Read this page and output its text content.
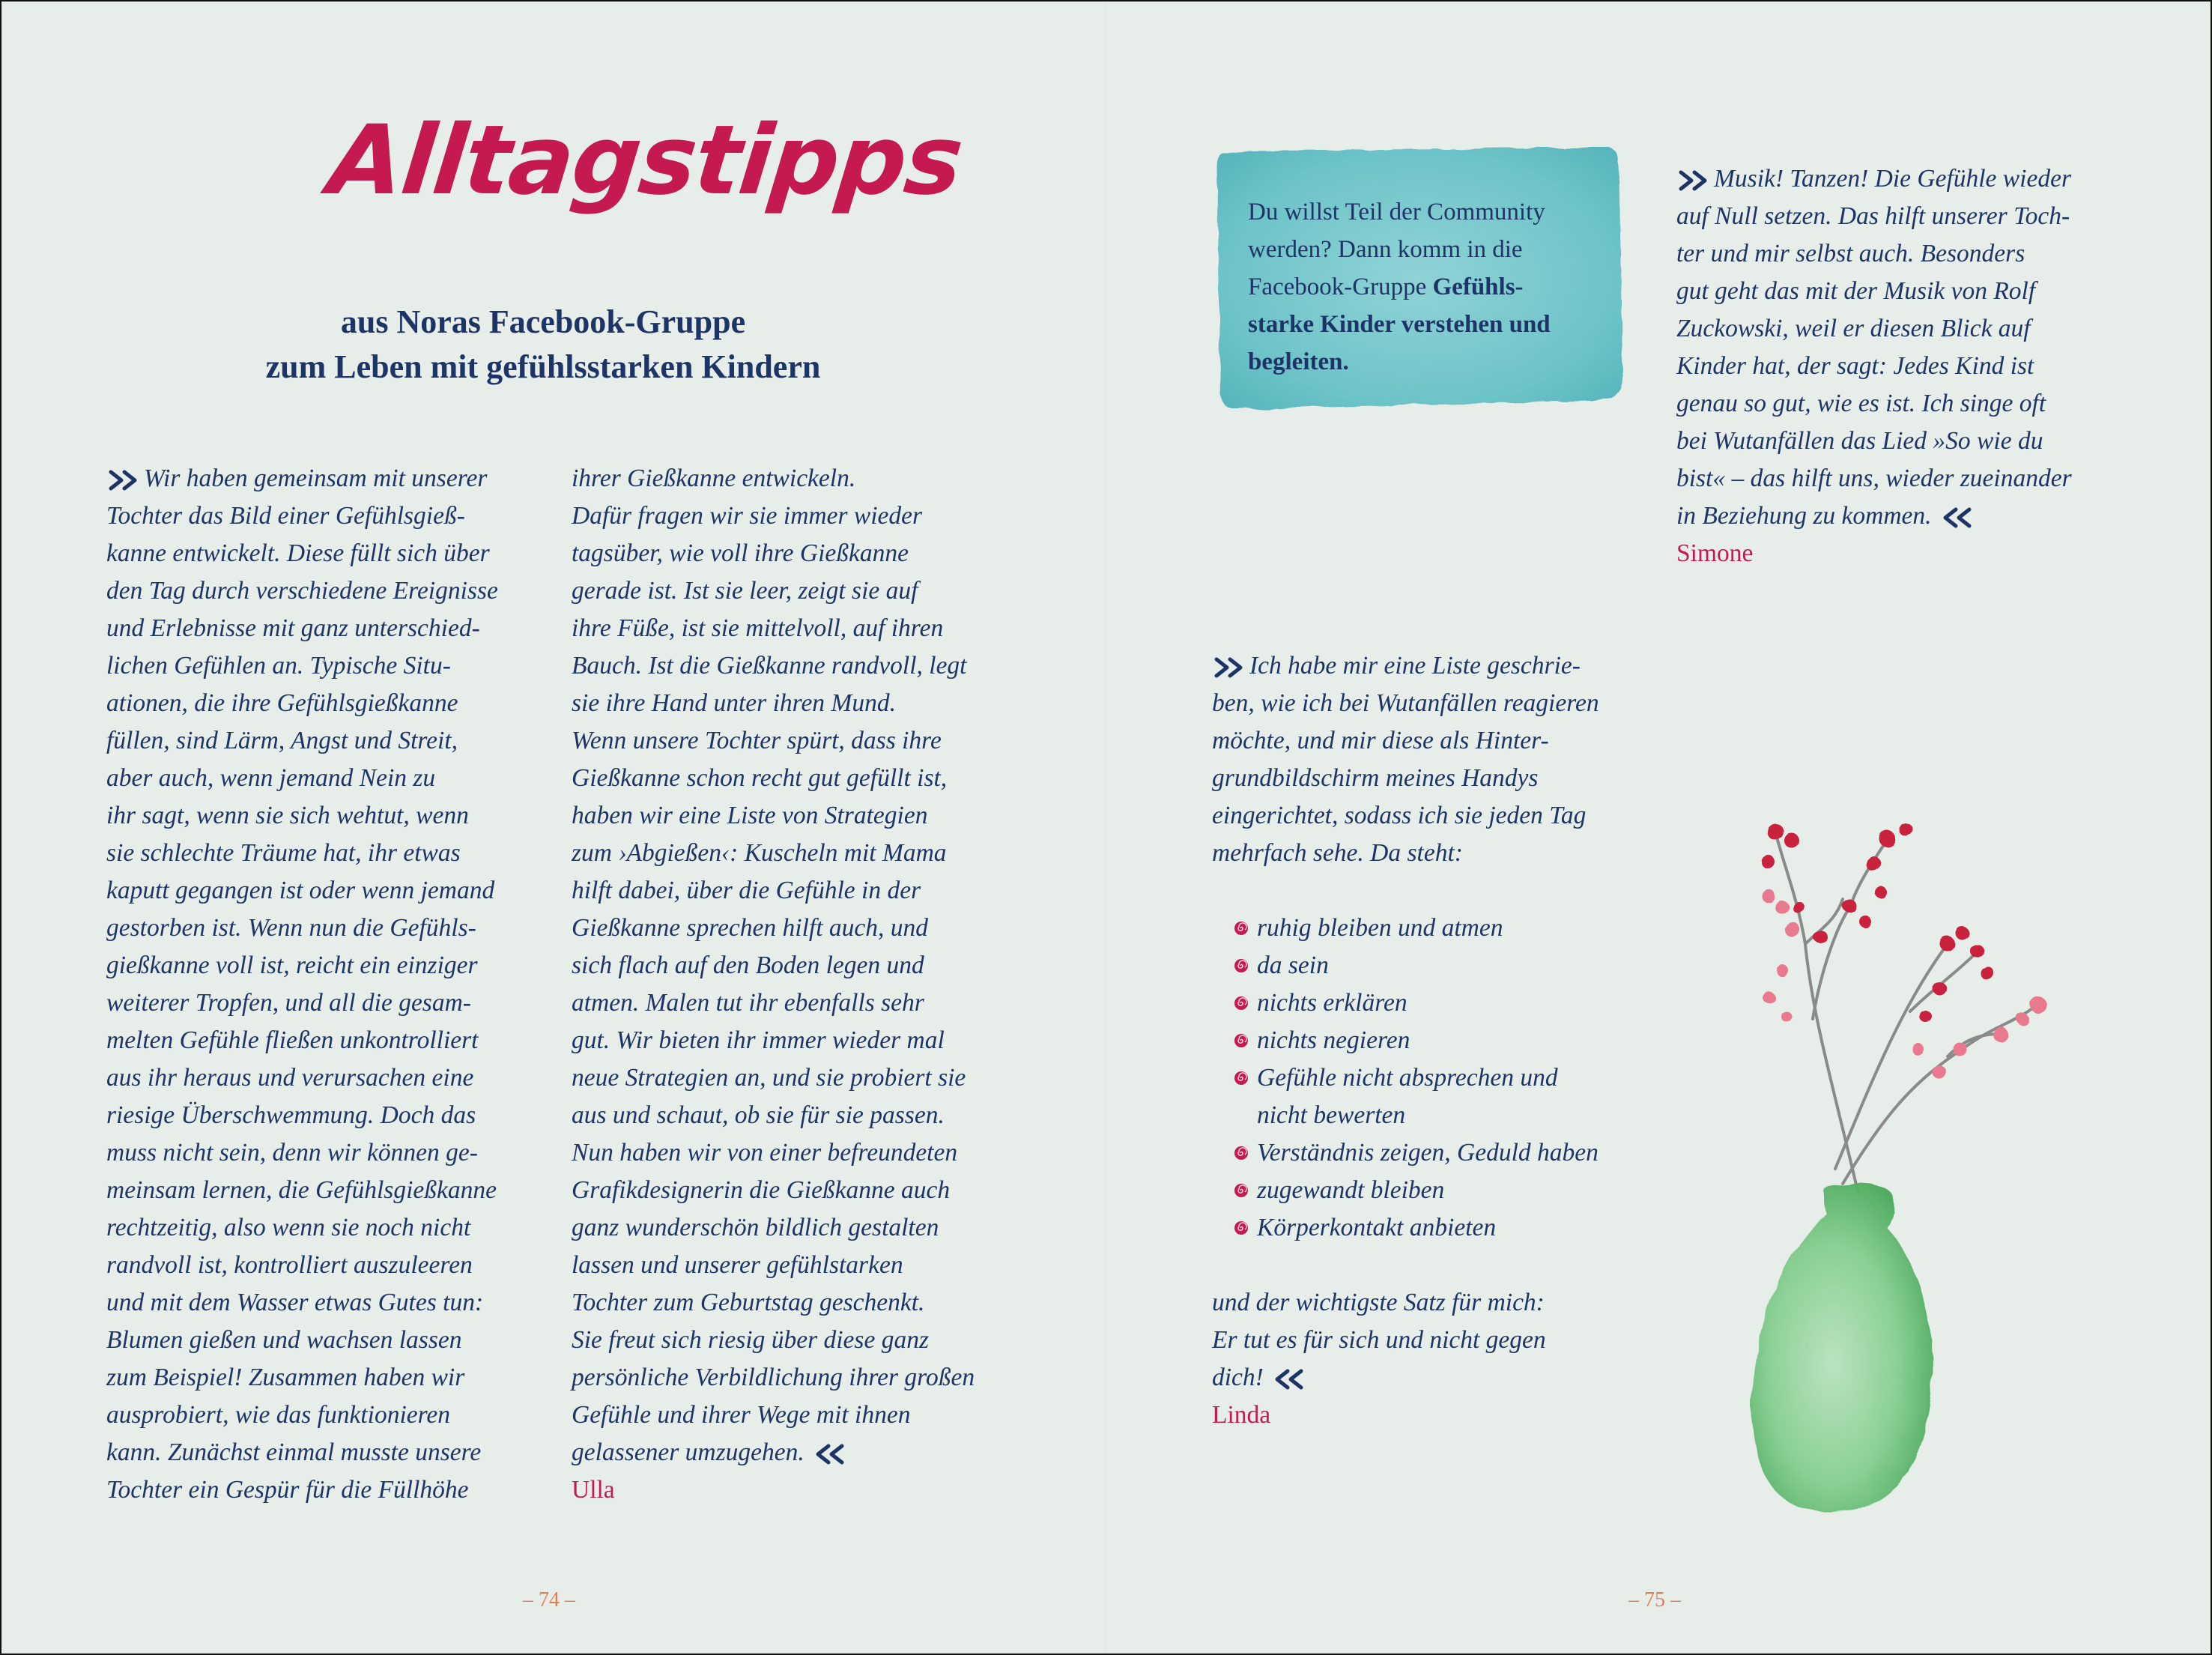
Alltagstipps
aus Noras Facebook-Gruppe
zum Leben mit gefühlsstarken Kindern
Wir haben gemeinsam mit unserer
Tochter das Bild einer Gefühlsgieß-
kanne entwickelt. Diese füllt sich über
den Tag durch verschiedene Ereignisse
und Erlebnisse mit ganz unterschied-
lichen Gefühlen an. Typische Situ-
ationen, die ihre Gefühlsgießkanne
füllen, sind Lärm, Angst und Streit,
aber auch, wenn jemand Nein zu
ihr sagt, wenn sie sich wehtut, wenn
sie schlechte Träume hat, ihr etwas
kaputt gegangen ist oder wenn jemand
gestorben ist. Wenn nun die Gefühls-
gießkanne voll ist, reicht ein einziger
weiterer Tropfen, und all die gesam-
melten Gefühle fließen unkontrolliert
aus ihr heraus und verursachen eine
riesige Überschwemmung. Doch das
muss nicht sein, denn wir können ge-
meinsam lernen, die Gefühlsgießkanne
rechtzeitig, also wenn sie noch nicht
randvoll ist, kontrolliert auszuleeren
und mit dem Wasser etwas Gutes tun:
Blumen gießen und wachsen lassen
zum Beispiel! Zusammen haben wir
ausprobiert, wie das funktionieren
kann. Zunächst einmal musste unsere
Tochter ein Gespür für die Füllhöhe
ihrer Gießkanne entwickeln.
Dafür fragen wir sie immer wieder
tagsüber, wie voll ihre Gießkanne
gerade ist. Ist sie leer, zeigt sie auf
ihre Füße, ist sie mittelvoll, auf ihren
Bauch. Ist die Gießkanne randvoll, legt
sie ihre Hand unter ihren Mund.
Wenn unsere Tochter spürt, dass ihre
Gießkanne schon recht gut gefüllt ist,
haben wir eine Liste von Strategien
zum ›Abgießen‹: Kuscheln mit Mama
hilft dabei, über die Gefühle in der
Gießkanne sprechen hilft auch, und
sich flach auf den Boden legen und
atmen. Malen tut ihr ebenfalls sehr
gut. Wir bieten ihr immer wieder mal
neue Strategien an, und sie probiert sie
aus und schaut, ob sie für sie passen.
Nun haben wir von einer befreundeten
Grafikdesignerin die Gießkanne auch
ganz wunderschön bildlich gestalten
lassen und unserer gefühlstarken
Tochter zum Geburtstag geschenkt.
Sie freut sich riesig über diese ganz
persönliche Verbildlichung ihrer großen
Gefühle und ihrer Wege mit ihnen
gelassener umzugehen.
Ulla
– 74 –
Du willst Teil der Community
werden? Dann komm in die
Facebook-Gruppe Gefühls-
starke Kinder verstehen und
begleiten.
Musik! Tanzen! Die Gefühle wieder
auf Null setzen. Das hilft unserer Toch-
ter und mir selbst auch. Besonders
gut geht das mit der Musik von Rolf
Zuckowski, weil er diesen Blick auf
Kinder hat, der sagt: Jedes Kind ist
genau so gut, wie es ist. Ich singe oft
bei Wutanfällen das Lied »So wie du
bist« – das hilft uns, wieder zueinander
in Beziehung zu kommen.
Simone
Ich habe mir eine Liste geschrie-
ben, wie ich bei Wutanfällen reagieren
möchte, und mir diese als Hinter-
grundbildschirm meines Handys
eingerichtet, sodass ich sie jeden Tag
mehrfach sehe. Da steht:
ruhig bleiben und atmen
da sein
nichts erklären
nichts negieren
Gefühle nicht absprechen und
nicht bewerten
Verständnis zeigen, Geduld haben
zugewandt bleiben
Körperkontakt anbieten
und der wichtigste Satz für mich:
Er tut es für sich und nicht gegen
dich!
Linda
– 75 –
